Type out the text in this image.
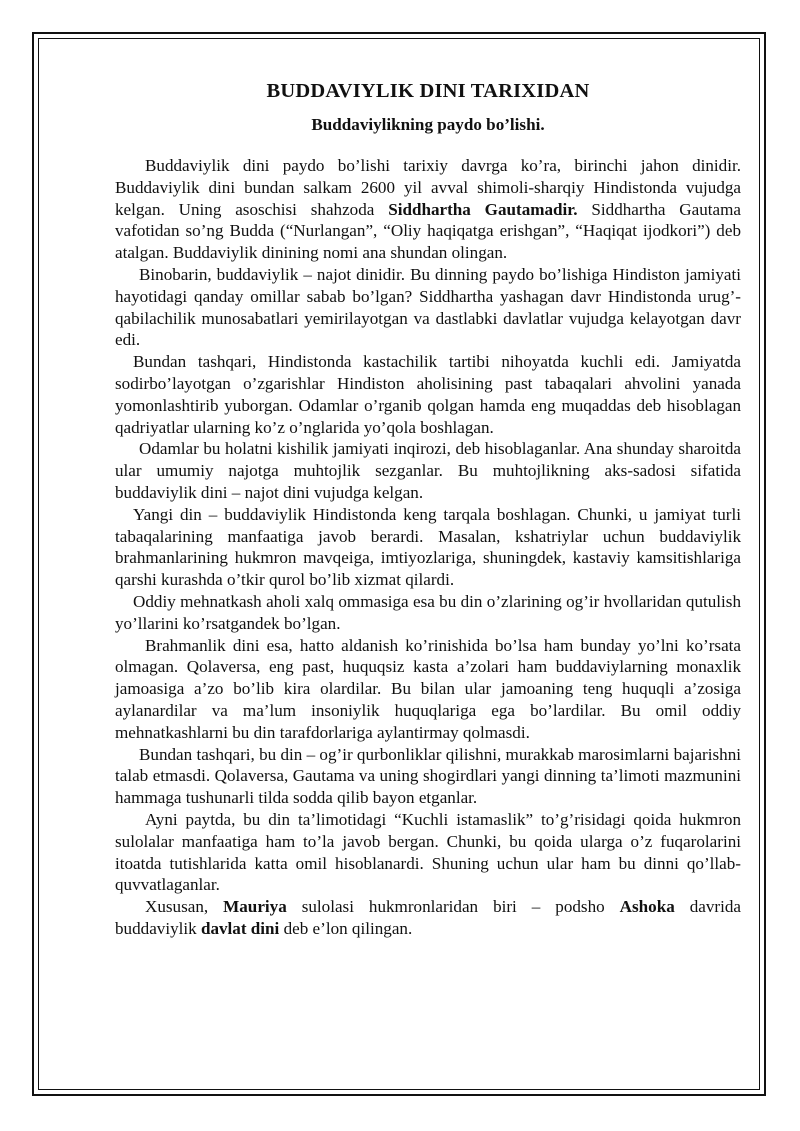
BUDDAVIYLIK DINI TARIXIDAN
Buddaviylikning paydo bo’lishi.

Buddaviylik dini paydo bo’lishi tarixiy davrga ko’ra, birinchi jahon dinidir. Buddaviylik dini bundan salkam 2600 yil avval shimoli-sharqiy Hindistonda vujudga kelgan. Uning asoschisi shahzoda Siddhartha Gautamadir. Siddhartha Gautama vafotidan so’ng Budda (“Nurlangan”, “Oliy haqiqatga erishgan”, “Haqiqat ijodkori”) deb atalgan. Buddaviylik dinining nomi ana shundan olingan.

Binobarin, buddaviylik – najot dinidir. Bu dinning paydo bo’lishiga Hindiston jamiyati hayotidagi qanday omillar sabab bo’lgan? Siddhartha yashagan davr Hindistonda urug’- qabilachilik munosabatlari yemirilayotgan va dastlabki davlatlar vujudga kelayotgan davr edi.

Bundan tashqari, Hindistonda kastachilik tartibi nihoyatda kuchli edi. Jamiyatda sodirbo’layotgan o’zgarishlar Hindiston aholisining past tabaqalari ahvolini yanada yomonlashtirib yuborgan. Odamlar o’rganib qolgan hamda eng muqaddas deb hisoblagan qadriyatlar ularning ko’z o’nglarida yo’qola boshlagan.

Odamlar bu holatni kishilik jamiyati inqirozi, deb hisoblaganlar. Ana shunday sharoitda ular umumiy najotga muhtojlik sezganlar. Bu muhtojlikning aks-sadosi sifatida buddaviylik dini – najot dini vujudga kelgan.

Yangi din – buddaviylik Hindistonda keng tarqala boshlagan. Chunki, u jamiyat turli tabaqalarining manfaatiga javob berardi. Masalan, kshatriylar uchun buddaviylik brahmanlarining hukmron mavqeiga, imtiyozlariga, shuningdek, kastaviy kamsitishlariga qarshi kurashda o’tkir qurol bo’lib xizmat qilardi.

Oddiy mehnatkash aholi xalq ommasiga esa bu din o’zlarining og’ir hvollaridan qutulish yo’llarini ko’rsatgandek bo’lgan.

Brahmanlik dini esa, hatto aldanish ko’rinishida bo’lsa ham bunday yo’lni ko’rsata olmagan. Qolaversa, eng past, huquqsiz kasta a’zolari ham buddaviylarning monaxlik jamoasiga a’zo bo’lib kira olardilar. Bu bilan ular jamoaning teng huquqli a’zosiga aylanardilar va ma’lum insoniylik huquqlariga ega bo’lardilar. Bu omil oddiy mehnatkashlarni bu din tarafdorlariga aylantirmay qolmasdi.

Bundan tashqari, bu din – og’ir qurbonliklar qilishni, murakkab marosimlarni bajarishni talab etmasdi. Qolaversa, Gautama va uning shogirdlari yangi dinning ta’limoti mazmunini hammaga tushunarli tilda sodda qilib bayon etganlar.

Ayni paytda, bu din ta’limotidagi “Kuchli istamaslik” to’g’risidagi qoida hukmron sulolalar manfaatiga ham to’la javob bergan. Chunki, bu qoida ularga o’z fuqarolarini itoatda tutishlarida katta omil hisoblanardi. Shuning uchun ular ham bu dinni qo’llab-quvvatlaganlar.

Xususan, Mauriya sulolasi hukmronlaridan biri – podsho Ashoka davrida buddaviylik davlat dini deb e’lon qilingan.
